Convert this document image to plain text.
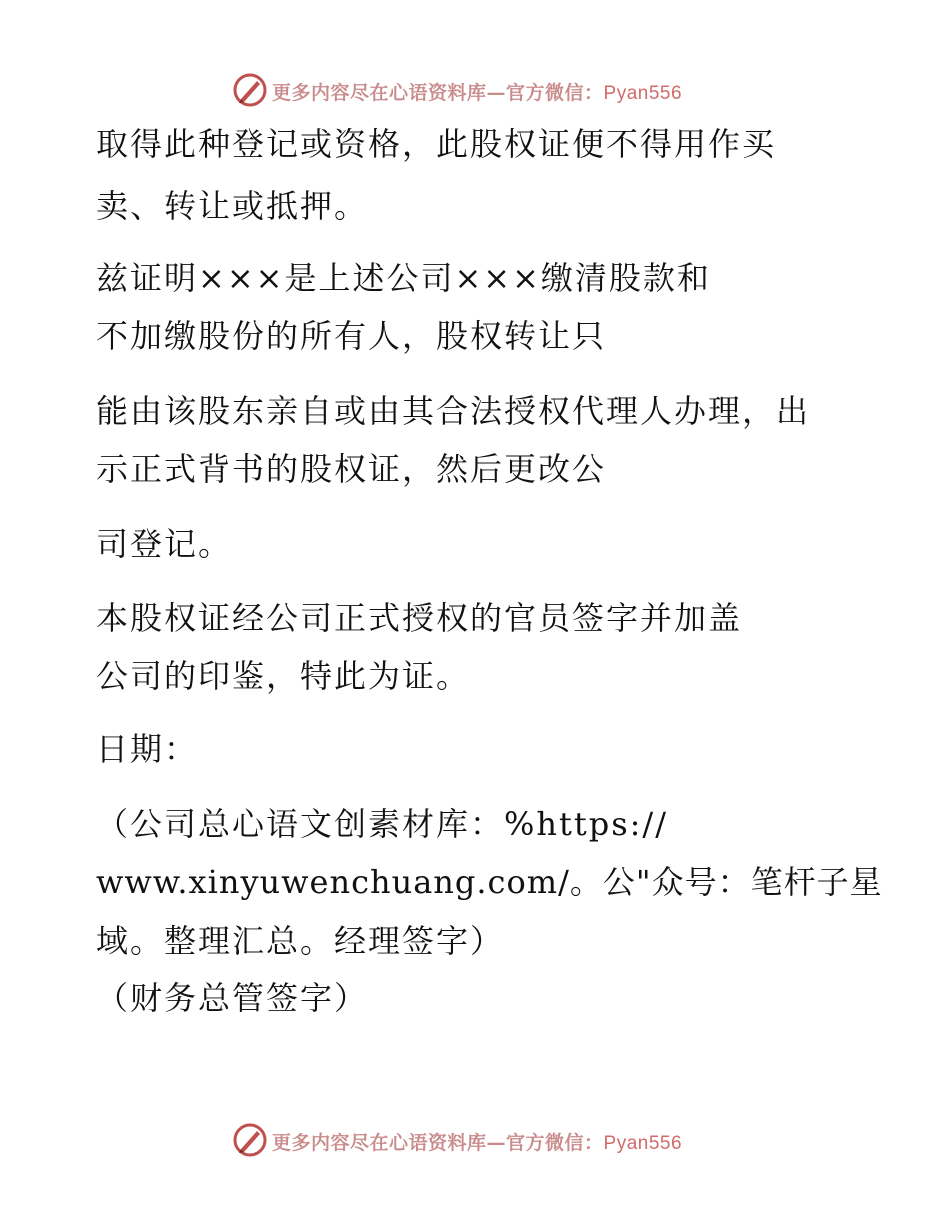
更多内容尽在心语资料库—官方微信：Pyan556
取得此种登记或资格，此股权证便不得用作买
卖、转让或抵押。
兹证明×××是上述公司×××缴清股款和
不加缴股份的所有人，股权转让只
能由该股东亲自或由其合法授权代理人办理，出
示正式背书的股权证，然后更改公
司登记。
本股权证经公司正式授权的官员签字并加盖
公司的印鉴，特此为证。
日期：
（公司总心语文创素材库：%https://
www.xinyuwenchuang.com/。公"众号：笔杆子星
域。整理汇总。经理签字）
（财务总管签字）
更多内容尽在心语资料库—官方微信：Pyan556
